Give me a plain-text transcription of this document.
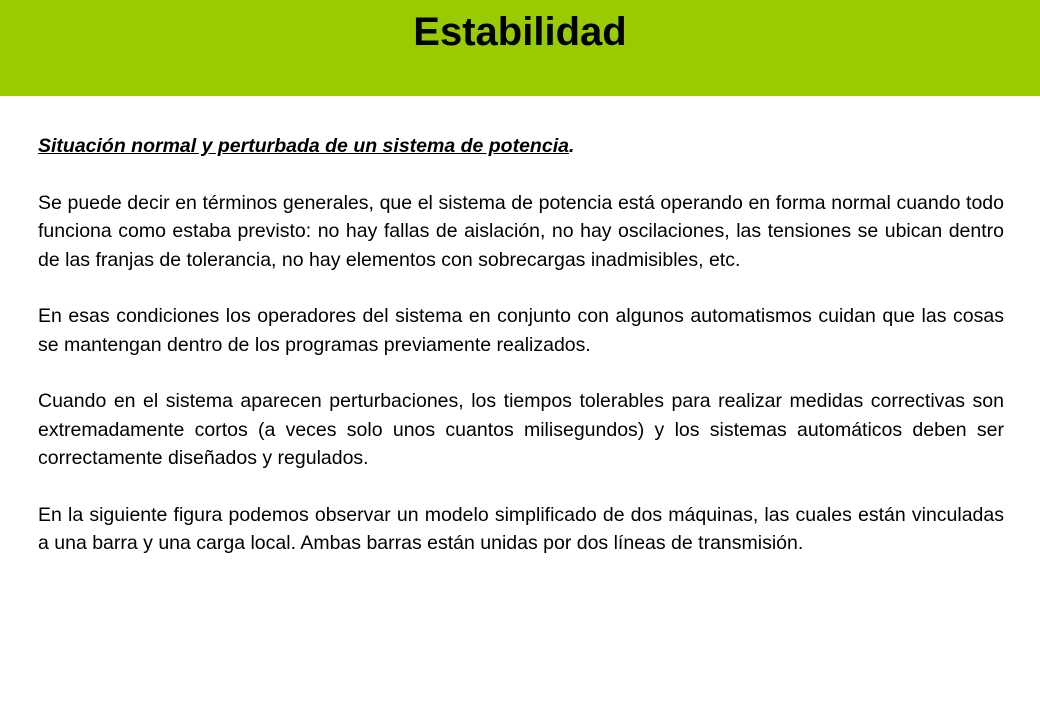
Estabilidad

Situación normal y perturbada de un sistema de potencia.

Se puede decir en términos generales, que el sistema de potencia está operando en forma normal cuando todo funciona como estaba previsto: no hay fallas de aislación, no hay oscilaciones, las tensiones se ubican dentro de las franjas de tolerancia, no hay elementos con sobrecargas inadmisibles, etc.

En esas condiciones los operadores del sistema en conjunto con algunos automatismos cuidan que las cosas se mantengan dentro de los programas previamente realizados.

Cuando en el sistema aparecen perturbaciones, los tiempos tolerables para realizar medidas correctivas son extremadamente cortos (a veces solo unos cuantos milisegundos) y los sistemas automáticos deben ser correctamente diseñados y regulados.

En la siguiente figura podemos observar un modelo simplificado de dos máquinas, las cuales están vinculadas a una barra y una carga local. Ambas barras están unidas por dos líneas de transmisión.
